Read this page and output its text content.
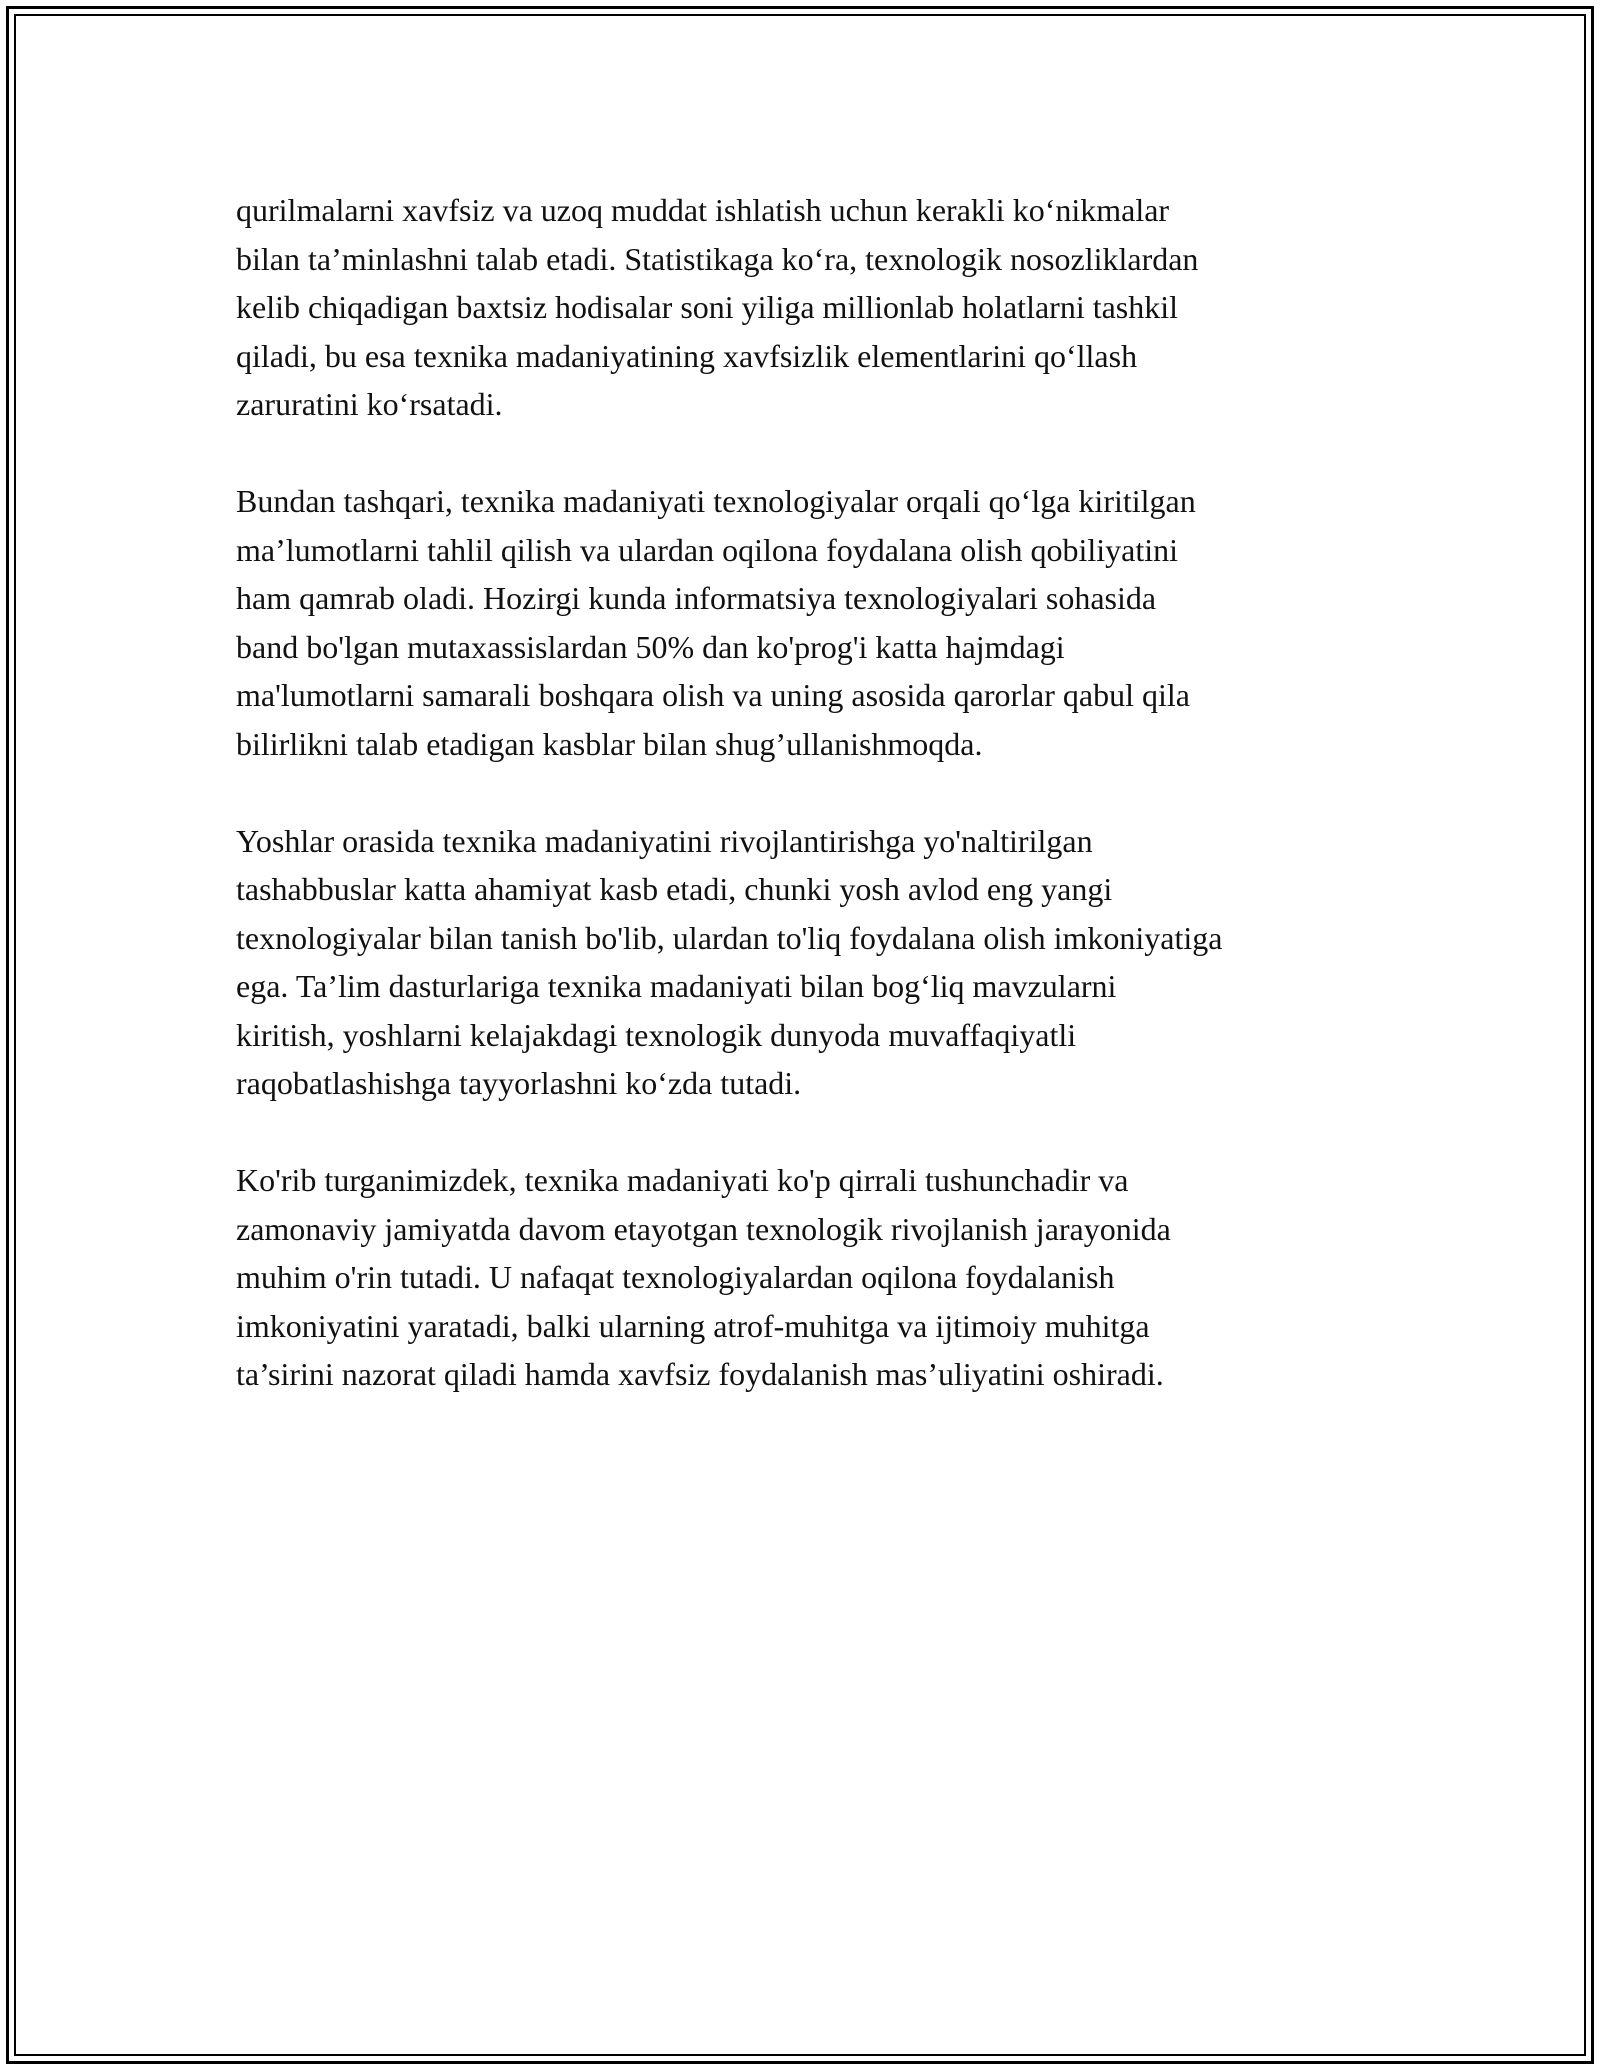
qurilmalarni xavfsiz va uzoq muddat ishlatish uchun kerakli ko‘nikmalar
bilan ta’minlashni talab etadi. Statistikaga ko‘ra, texnologik nosozliklardan
kelib chiqadigan baxtsiz hodisalar soni yiliga millionlab holatlarni tashkil
qiladi, bu esa texnika madaniyatining xavfsizlik elementlarini qo‘llash
zaruratini ko‘rsatadi.

Bundan tashqari, texnika madaniyati texnologiyalar orqali qo‘lga kiritilgan
ma’lumotlarni tahlil qilish va ulardan oqilona foydalana olish qobiliyatini
ham qamrab oladi. Hozirgi kunda informatsiya texnologiyalari sohasida
band bo'lgan mutaxassislardan 50% dan ko'prog'i katta hajmdagi
ma'lumotlarni samarali boshqara olish va uning asosida qarorlar qabul qila
bilirlikni talab etadigan kasblar bilan shug’ullanishmoqda.

Yoshlar orasida texnika madaniyatini rivojlantirishga yo'naltirilgan
tashabbuslar katta ahamiyat kasb etadi, chunki yosh avlod eng yangi
texnologiyalar bilan tanish bo'lib, ulardan to'liq foydalana olish imkoniyatiga
ega. Ta’lim dasturlariga texnika madaniyati bilan bog‘liq mavzularni
kiritish, yoshlarni kelajakdagi texnologik dunyoda muvaffaqiyatli
raqobatlashishga tayyorlashni ko‘zda tutadi.

Ko'rib turganimizdek, texnika madaniyati ko'p qirrali tushunchadir va
zamonaviy jamiyatda davom etayotgan texnologik rivojlanish jarayonida
muhim o'rin tutadi. U nafaqat texnologiyalardan oqilona foydalanish
imkoniyatini yaratadi, balki ularning atrof-muhitga va ijtimoiy muhitga
ta’sirini nazorat qiladi hamda xavfsiz foydalanish mas’uliyatini oshiradi.
